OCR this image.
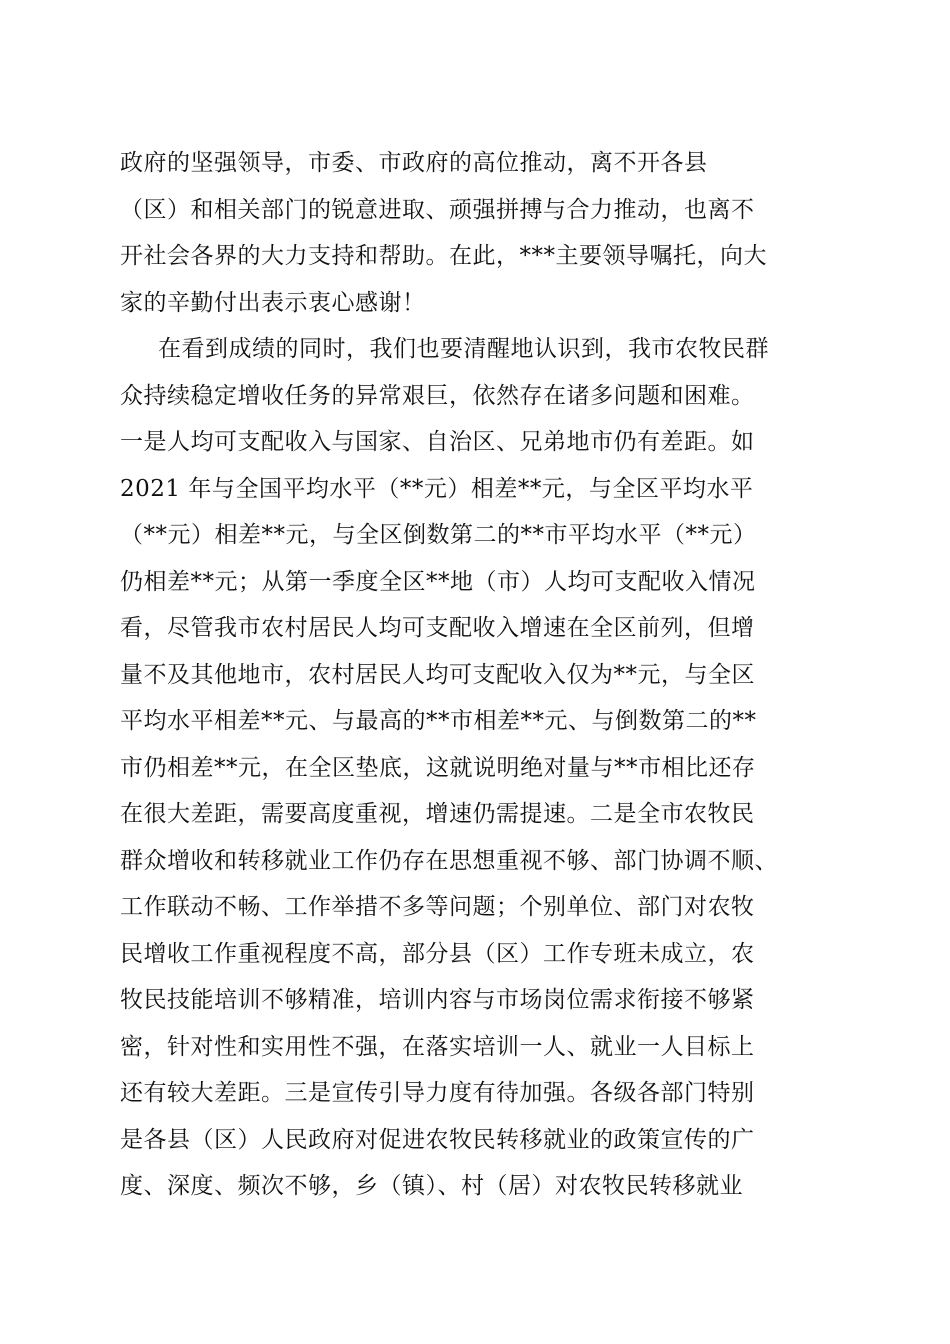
政府的坚强领导，市委、市政府的高位推动，离不开各县
（区）和相关部门的锐意进取、顽强拼搏与合力推动，也离不
开社会各界的大力支持和帮助。在此，***主要领导嘱托，向大
家的辛勤付出表示衷心感谢！
在看到成绩的同时，我们也要清醒地认识到，我市农牧民群
众持续稳定增收任务的异常艰巨，依然存在诸多问题和困难。
一是人均可支配收入与国家、自治区、兄弟地市仍有差距。如
2021 年与全国平均水平（**元）相差**元，与全区平均水平
（**元）相差**元，与全区倒数第二的**市平均水平（**元）
仍相差**元；从第一季度全区**地（市）人均可支配收入情况
看，尽管我市农村居民人均可支配收入增速在全区前列，但增
量不及其他地市，农村居民人均可支配收入仅为**元，与全区
平均水平相差**元、与最高的**市相差**元、与倒数第二的**
市仍相差**元，在全区垫底，这就说明绝对量与**市相比还存
在很大差距，需要高度重视，增速仍需提速。二是全市农牧民
群众增收和转移就业工作仍存在思想重视不够、部门协调不顺、
工作联动不畅、工作举措不多等问题；个别单位、部门对农牧
民增收工作重视程度不高，部分县（区）工作专班未成立，农
牧民技能培训不够精准，培训内容与市场岗位需求衔接不够紧
密，针对性和实用性不强，在落实培训一人、就业一人目标上
还有较大差距。三是宣传引导力度有待加强。各级各部门特别
是各县（区）人民政府对促进农牧民转移就业的政策宣传的广
度、深度、频次不够，乡（镇）、村（居）对农牧民转移就业
